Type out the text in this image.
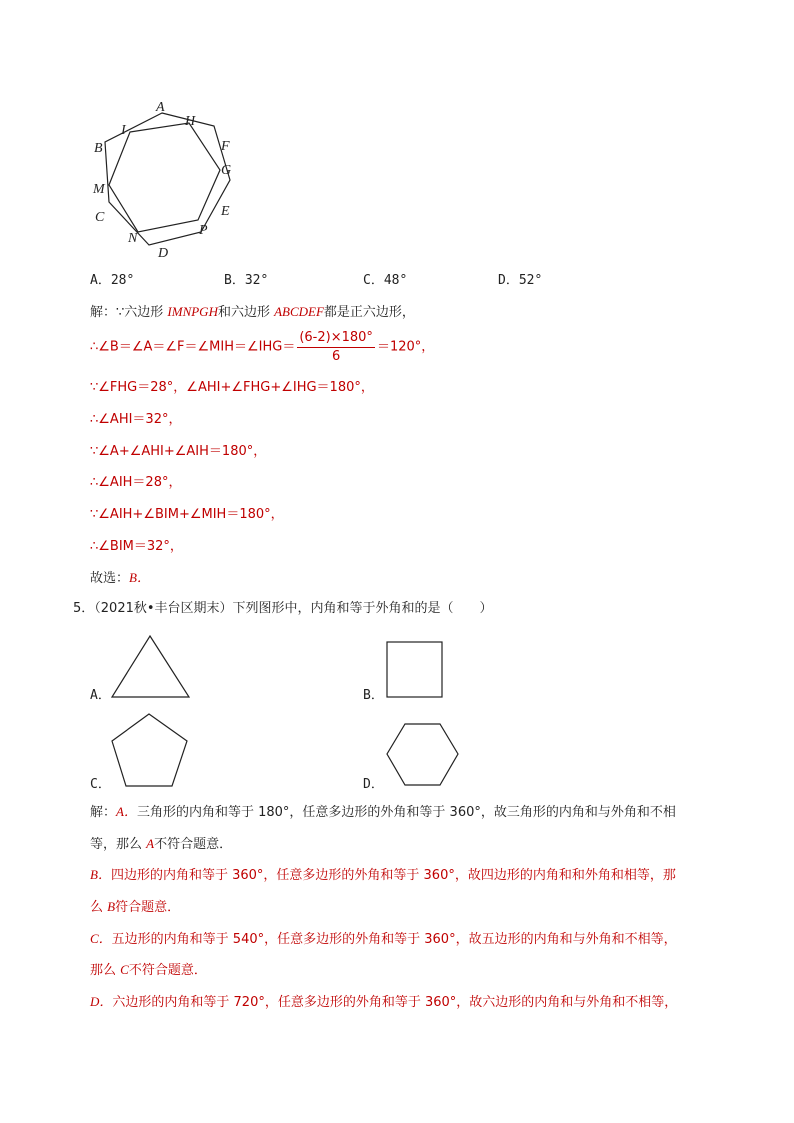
A
H
I
B	F
G
M
C	E
N
P
D
A．28°	B．32°	C．48°	D．52°
解：∵六边形 IMNPGH和六边形 ABCDEF都是正六边形，
∴∠B＝∠A＝∠F＝∠MIH＝∠IHG＝ $\frac{(6-2)\times 180^\circ}{6} =120^\circ$，
∵∠FHG＝28°，∠AHI+∠FHG+∠IHG＝180°，
∴∠AHI＝32°，
∵∠A+∠AHI+∠AIH＝180°，
∴∠AIH＝28°，
∵∠AIH+∠BIM+∠MIH＝180°，
∴∠BIM＝32°，
故选：B．
5．（2021秋•丰台区期末）下列图形中，内角和等于外角和的是（　　）
A．	B．
C．	D．
解：A．三角形的内角和等于 180°，任意多边形的外角和等于 360°，故三角形的内角和与外角和不相
等，那么 A不符合题意．
B．四边形的内角和等于 360°，任意多边形的外角和等于 360°，故四边形的内角和和外角和相等，那
么 B符合题意．
C．五边形的内角和等于 540°，任意多边形的外角和等于 360°，故五边形的内角和与外角和不相等，
那么 C不符合题意．
D．六边形的内角和等于 720°，任意多边形的外角和等于 360°，故六边形的内角和与外角和不相等，
